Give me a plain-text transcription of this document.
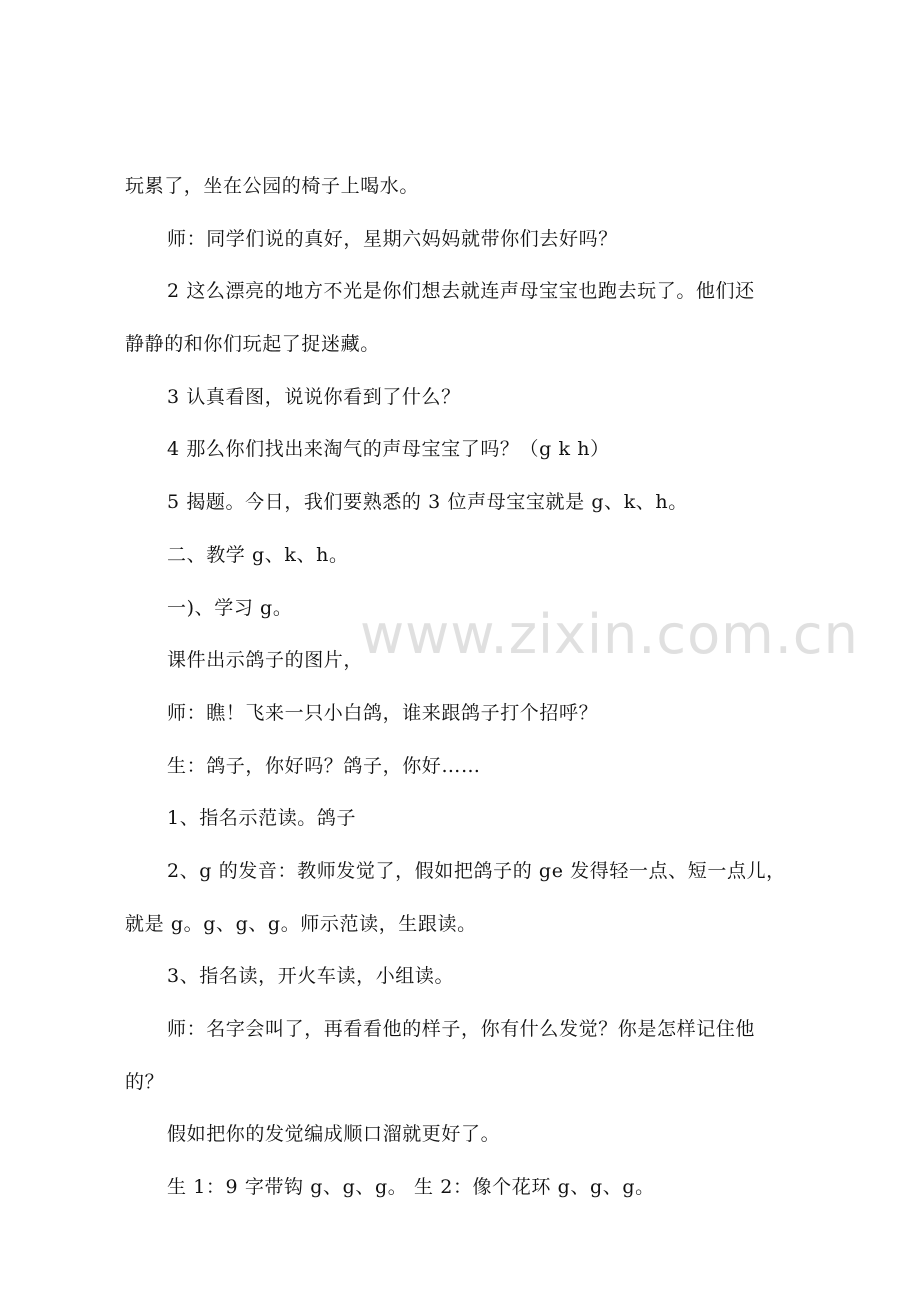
玩累了，坐在公园的椅子上喝水。
师：同学们说的真好，星期六妈妈就带你们去好吗？
2 这么漂亮的地方不光是你们想去就连声母宝宝也跑去玩了。他们还
静静的和你们玩起了捉迷藏。
3 认真看图，说说你看到了什么？
4 那么你们找出来淘气的声母宝宝了吗？（g k h）
5 揭题。今日，我们要熟悉的 3 位声母宝宝就是 g、k、h。
二、教学 g、k、h。
一)、学习 g。
课件出示鸽子的图片，
师：瞧！飞来一只小白鸽，谁来跟鸽子打个招呼？
生：鸽子，你好吗？鸽子，你好……
1、指名示范读。鸽子
2、g 的发音：教师发觉了，假如把鸽子的 ge 发得轻一点、短一点儿，
就是 g。g、g、g。师示范读，生跟读。
3、指名读，开火车读，小组读。
师：名字会叫了，再看看他的样子，你有什么发觉？你是怎样记住他
的？
假如把你的发觉编成顺口溜就更好了。
生 1：9 字带钩 g、g、g。 生 2：像个花环 g、g、g。
www.zixin.com.cn
